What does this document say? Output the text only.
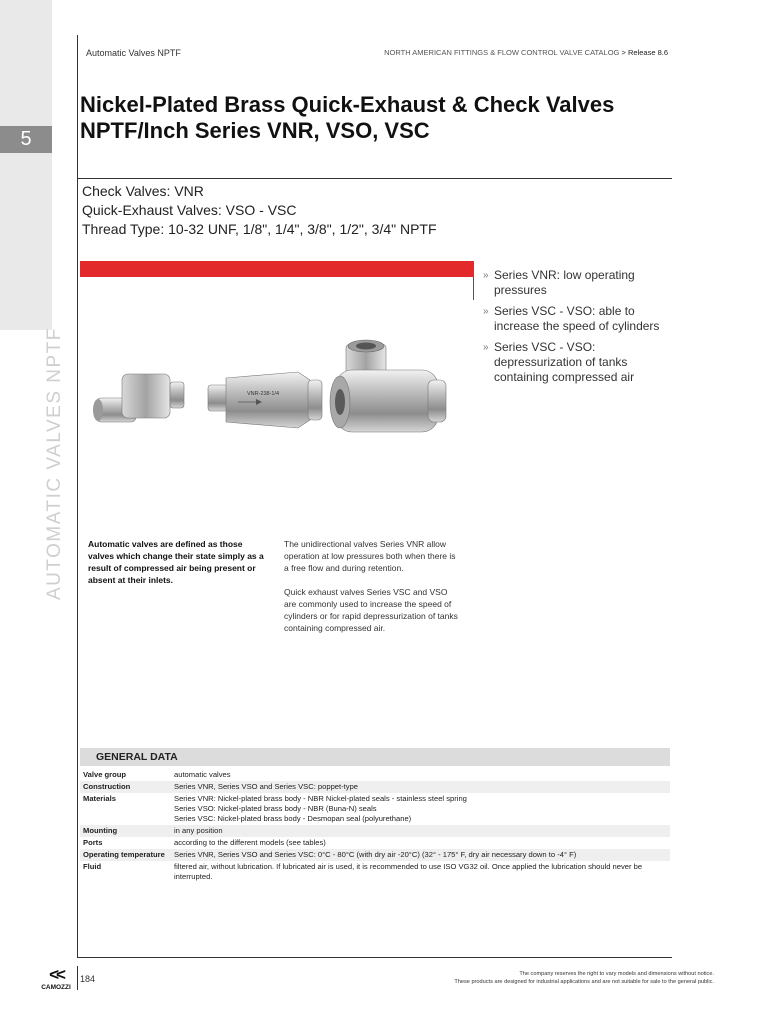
5
AUTOMATIC VALVES NPTF
Automatic Valves NPTF	NORTH AMERICAN FITTINGS & FLOW CONTROL VALVE CATALOG > Release 8.6
Nickel-Plated Brass Quick-Exhaust & Check Valves
NPTF/Inch Series VNR, VSO, VSC
Check Valves: VNR
Quick-Exhaust Valves: VSO - VSC
Thread Type: 10-32 UNF, 1/8", 1/4", 3/8", 1/2", 3/4" NPTF
» Series VNR: low operating pressures
» Series VSC - VSO: able to increase the speed of cylinders
» Series VSC - VSO: depressurization of tanks containing compressed air
VNR-238-1/4
Automatic valves are defined as those valves which change their state simply as a result of compressed air being present or absent at their inlets.

The unidirectional valves Series VNR allow operation at low pressures both when there is a free flow and during retention.

Quick exhaust valves Series VSC and VSO are commonly used to increase the speed of cylinders or for rapid depressurization of tanks containing compressed air.

GENERAL DATA
Valve group	automatic valves
Construction	Series VNR, Series VSO and Series VSC: poppet-type
Materials	Series VNR: Nickel-plated brass body - NBR Nickel-plated seals - stainless steel spring
Series VSO: Nickel-plated brass body - NBR (Buna-N) seals
Series VSC: Nickel-plated brass body - Desmopan seal (polyurethane)
Mounting	in any position
Ports	according to the different models (see tables)
Operating temperature	Series VNR, Series VSO and Series VSC: 0°C - 80°C (with dry air -20°C) (32° - 175° F, dry air necessary down to -4° F)
Fluid	filtered air, without lubrication. If lubricated air is used, it is recommended to use ISO VG32 oil. Once applied the lubrication should never be interrupted.
<<
CAMOZZI
184	The company reserves the right to vary models and dimensions without notice.
These products are designed for industrial applications and are not suitable for sale to the general public.
